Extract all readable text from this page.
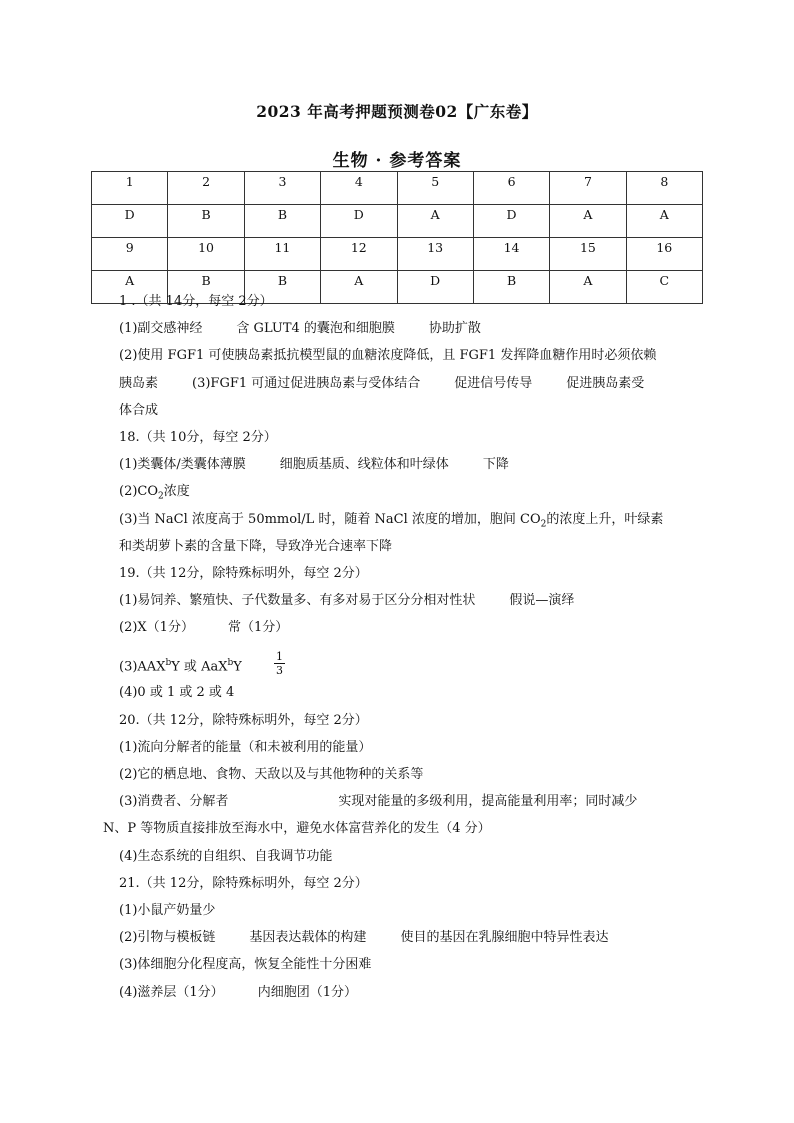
2023 年高考押题预测卷02【广东卷】
生物 · 参考答案
1	2	3	4	5	6	7	8
D	B	B	D	A	D	A	A
9	10	11	12	13	14	15	16
A	B	B	A	D	B	A	C
1 .（共 14分，每空 2分）
(1)副交感神经	含 GLUT4 的囊泡和细胞膜	协助扩散
(2)使用 FGF1 可使胰岛素抵抗模型鼠的血糖浓度降低，且 FGF1 发挥降血糖作用时必须依赖
胰岛素	(3)FGF1 可通过促进胰岛素与受体结合	促进信号传导	促进胰岛素受
体合成
18.（共 10分，每空 2分）
(1)类囊体/类囊体薄膜	细胞质基质、线粒体和叶绿体	下降
$(2)CO_2$浓度
(3)当 NaCl 浓度高于 50mmol/L 时，随着 NaCl 浓度的增加，胞间 $CO_2$的浓度上升，叶绿素
和类胡萝卜素的含量下降，导致净光合速率下降
19.（共 12分，除特殊标明外，每空 2分）
(1)易饲养、繁殖快、子代数量多、有多对易于区分分相对性状	假说—演绎
(2)X（1分）	常（1分）
(3)AAX$^b$Y 或 AaX$^b$Y	$\frac{1}{3}$
(4)0 或 1 或 2 或 4
20.（共 12分，除特殊标明外，每空 2分）
(1)流向分解者的能量（和未被利用的能量）
(2)它的栖息地、食物、天敌以及与其他物种的关系等
(3)消费者、分解者	实现对能量的多级利用，提高能量利用率；同时减少
N、P 等物质直接排放至海水中，避免水体富营养化的发生（4 分）
(4)生态系统的自组织、自我调节功能
21.（共 12分，除特殊标明外，每空 2分）
(1)小鼠产奶量少
(2)引物与模板链	基因表达载体的构建	使目的基因在乳腺细胞中特异性表达
(3)体细胞分化程度高，恢复全能性十分困难
(4)滋养层（1分）	内细胞团（1分）
